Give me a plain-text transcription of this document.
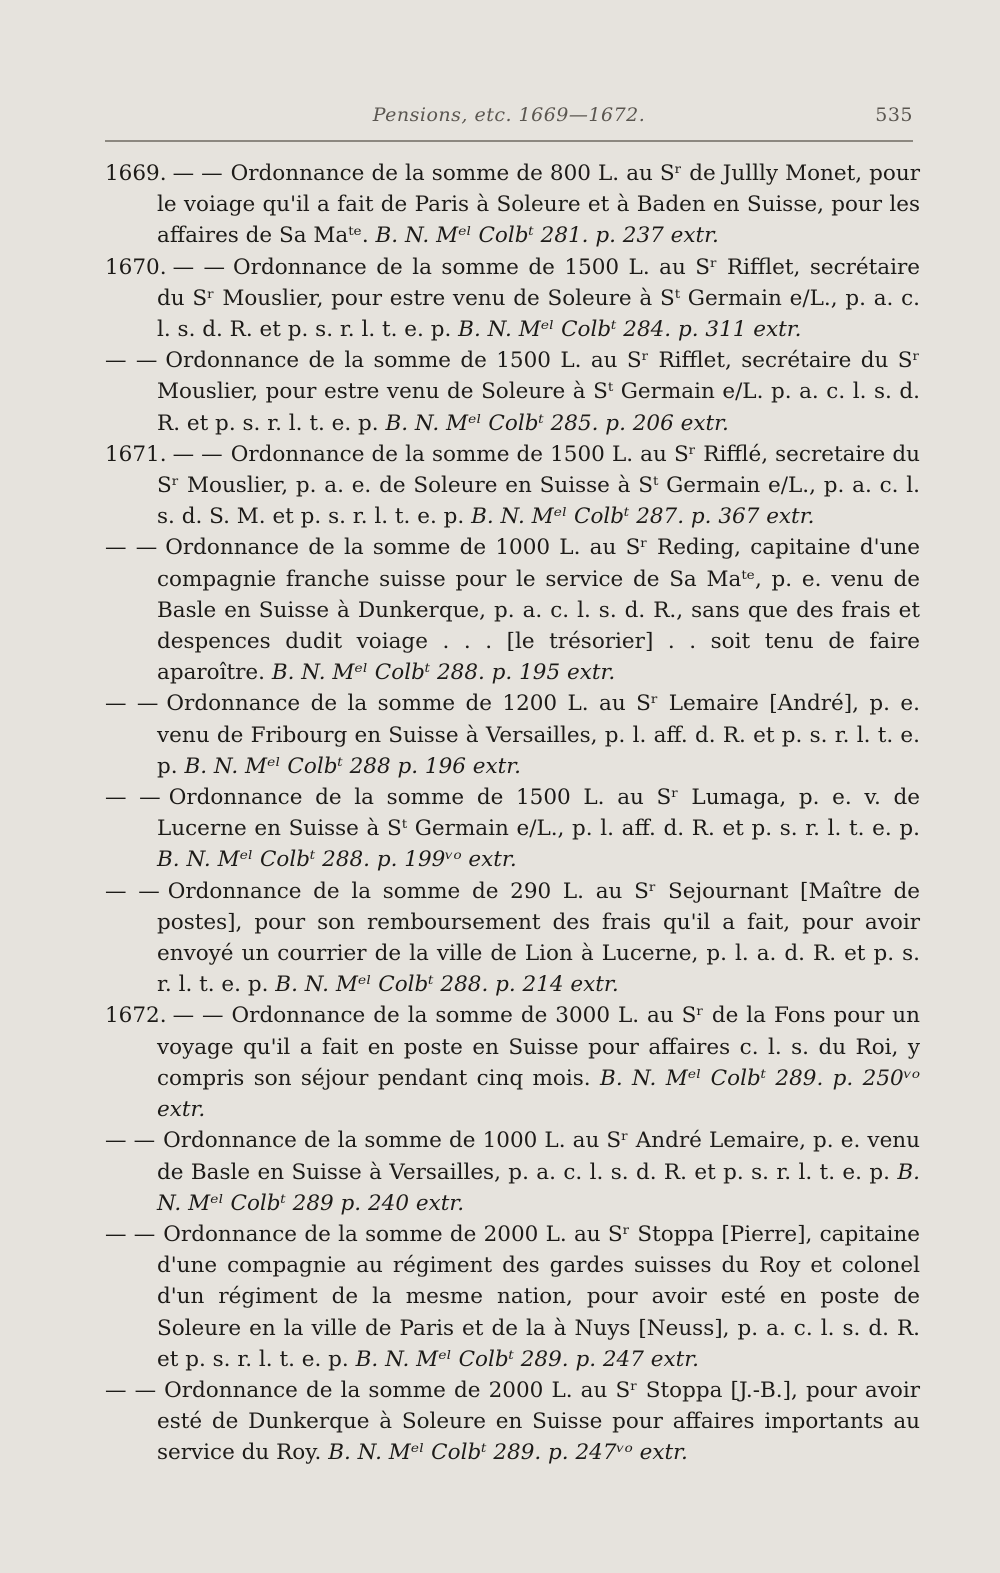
Pensions, etc. 1669—1672.	535

1669. — — Ordonnance de la somme de 800 L. au Sʳ de Jullly Monet, pour le voiage qu'il a fait de Paris à Soleure et à Baden en Suisse, pour les affaires de Sa Maᵗᵉ. B. N. Mᵉˡ Colbᵗ 281. p. 237 extr.

1670. — — Ordonnance de la somme de 1500 L. au Sʳ Rifflet, secrétaire du Sʳ Mouslier, pour estre venu de Soleure à Sᵗ Germain e/L., p. a. c. l. s. d. R. et p. s. r. l. t. e. p. B. N. Mᵉˡ Colbᵗ 284. p. 311 extr.

— — Ordonnance de la somme de 1500 L. au Sʳ Rifflet, secrétaire du Sʳ Mouslier, pour estre venu de Soleure à Sᵗ Germain e/L. p. a. c. l. s. d. R. et p. s. r. l. t. e. p. B. N. Mᵉˡ Colbᵗ 285. p. 206 extr.

1671. — — Ordonnance de la somme de 1500 L. au Sʳ Rifflé, secretaire du Sʳ Mouslier, p. a. e. de Soleure en Suisse à Sᵗ Germain e/L., p. a. c. l. s. d. S. M. et p. s. r. l. t. e. p. B. N. Mᵉˡ Colbᵗ 287. p. 367 extr.

— — Ordonnance de la somme de 1000 L. au Sʳ Reding, capitaine d'une compagnie franche suisse pour le service de Sa Maᵗᵉ, p. e. venu de Basle en Suisse à Dunkerque, p. a. c. l. s. d. R., sans que des frais et despences dudit voiage . . . [le trésorier] . . soit tenu de faire aparoître. B. N. Mᵉˡ Colbᵗ 288. p. 195 extr.

— — Ordonnance de la somme de 1200 L. au Sʳ Lemaire [André], p. e. venu de Fribourg en Suisse à Versailles, p. l. aff. d. R. et p. s. r. l. t. e. p. B. N. Mᵉˡ Colbᵗ 288 p. 196 extr.

— — Ordonnance de la somme de 1500 L. au Sʳ Lumaga, p. e. v. de Lucerne en Suisse à Sᵗ Germain e/L., p. l. aff. d. R. et p. s. r. l. t. e. p. B. N. Mᵉˡ Colbᵗ 288. p. 199ᵛᵒ extr.

— — Ordonnance de la somme de 290 L. au Sʳ Sejournant [Maître de postes], pour son remboursement des frais qu'il a fait, pour avoir envoyé un courrier de la ville de Lion à Lucerne, p. l. a. d. R. et p. s. r. l. t. e. p. B. N. Mᵉˡ Colbᵗ 288. p. 214 extr.

1672. — — Ordonnance de la somme de 3000 L. au Sʳ de la Fons pour un voyage qu'il a fait en poste en Suisse pour affaires c. l. s. du Roi, y compris son séjour pendant cinq mois. B. N. Mᵉˡ Colbᵗ 289. p. 250ᵛᵒ extr.

— — Ordonnance de la somme de 1000 L. au Sʳ André Lemaire, p. e. venu de Basle en Suisse à Versailles, p. a. c. l. s. d. R. et p. s. r. l. t. e. p. B. N. Mᵉˡ Colbᵗ 289 p. 240 extr.

— — Ordonnance de la somme de 2000 L. au Sʳ Stoppa [Pierre], capitaine d'une compagnie au régiment des gardes suisses du Roy et colonel d'un régiment de la mesme nation, pour avoir esté en poste de Soleure en la ville de Paris et de la à Nuys [Neuss], p. a. c. l. s. d. R. et p. s. r. l. t. e. p. B. N. Mᵉˡ Colbᵗ 289. p. 247 extr.

— — Ordonnance de la somme de 2000 L. au Sʳ Stoppa [J.-B.], pour avoir esté de Dunkerque à Soleure en Suisse pour affaires importants au service du Roy. B. N. Mᵉˡ Colbᵗ 289. p. 247ᵛᵒ extr.
